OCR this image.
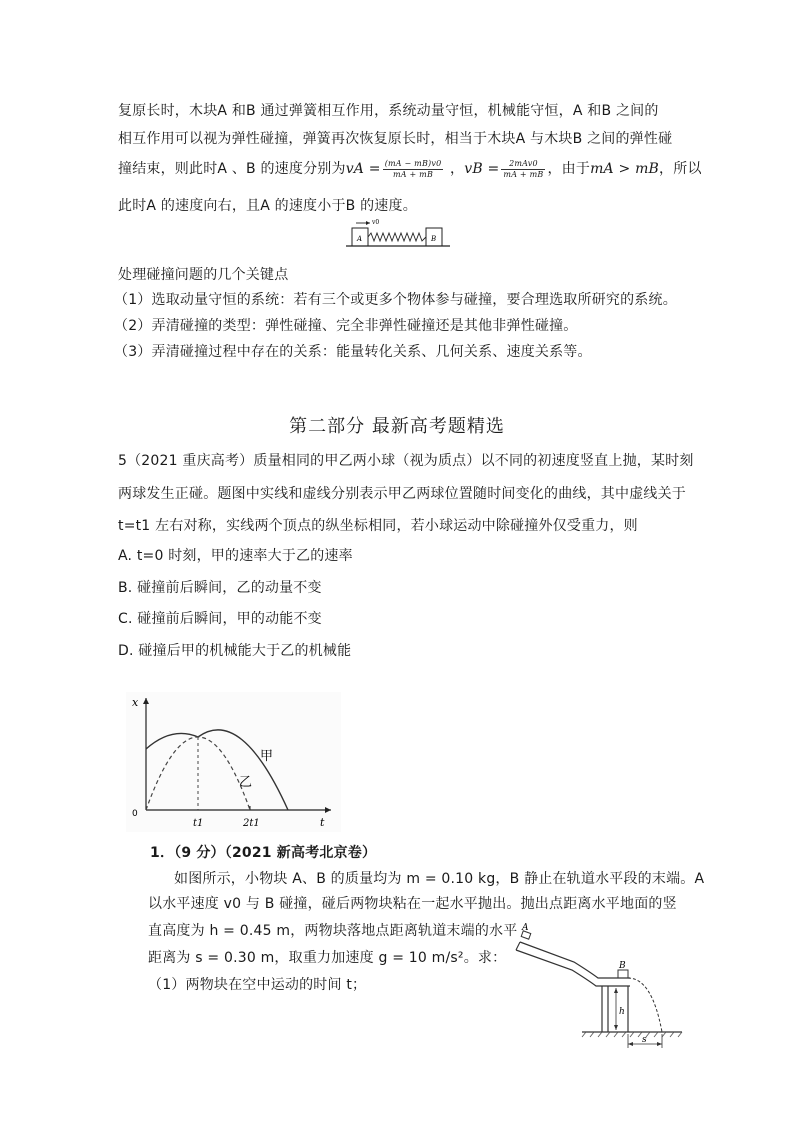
复原长时，木块A 和B 通过弹簧相互作用，系统动量守恒，机械能守恒，A 和B 之间的
相互作用可以视为弹性碰撞，弹簧再次恢复原长时，相当于木块A 与木块B 之间的弹性碰
撞结束，则此时A 、B 的速度分别为vA = $\frac{(mA - mB)v0}{mA + mB}$ ，vB = $\frac{\text{2mAv0}}{mA + mB}$ ，由于mA > mB，所以
此时A 的速度向右，且A 的速度小于B 的速度。
A	B
v0
处理碰撞问题的几个关键点
（1）选取动量守恒的系统：若有三个或更多个物体参与碰撞，要合理选取所研究的系统。
（2）弄清碰撞的类型：弹性碰撞、完全非弹性碰撞还是其他非弹性碰撞。
（3）弄清碰撞过程中存在的关系：能量转化关系、几何关系、速度关系等。
第二部分 最新高考题精选
5（2021 重庆高考）质量相同的甲乙两小球（视为质点）以不同的初速度竖直上抛，某时刻
两球发生正碰。题图中实线和虚线分别表示甲乙两球位置随时间变化的曲线，其中虚线关于
t=t1 左右对称，实线两个顶点的纵坐标相同，若小球运动中除碰撞外仅受重力，则
A. t=0 时刻，甲的速率大于乙的速率
B. 碰撞前后瞬间，乙的动量不变
C. 碰撞前后瞬间，甲的动能不变
D. 碰撞后甲的机械能大于乙的机械能
x
t
0
t1	2t1
甲
乙
1．（9 分）（2021 新高考北京卷）
如图所示，小物块 A、B 的质量均为 m = 0.10 kg，B 静止在轨道水平段的末端。A
以水平速度 v0 与 B 碰撞，碰后两物块粘在一起水平抛出。抛出点距离水平地面的竖
直高度为 h = 0.45 m，两物块落地点距离轨道末端的水平
距离为 s = 0.30 m，取重力加速度 g = 10 m/s²。求：
（1）两物块在空中运动的时间 t；
A
B
h
s
